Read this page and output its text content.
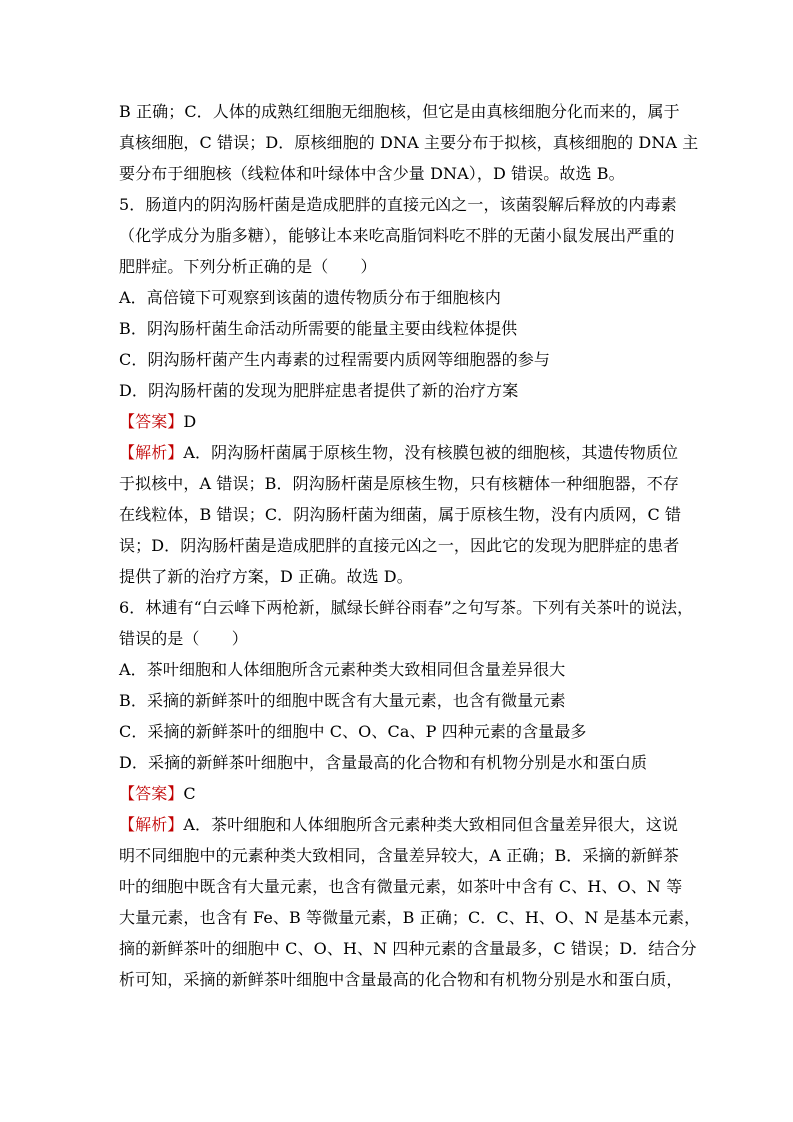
B 正确；C．人体的成熟红细胞无细胞核，但它是由真核细胞分化而来的，属于
真核细胞，C 错误；D．原核细胞的 DNA 主要分布于拟核，真核细胞的 DNA 主
要分布于细胞核（线粒体和叶绿体中含少量 DNA），D 错误。故选 B。
5．肠道内的阴沟肠杆菌是造成肥胖的直接元凶之一，该菌裂解后释放的内毒素
（化学成分为脂多糖），能够让本来吃高脂饲料吃不胖的无菌小鼠发展出严重的
肥胖症。下列分析正确的是（　　）
A．高倍镜下可观察到该菌的遗传物质分布于细胞核内
B．阴沟肠杆菌生命活动所需要的能量主要由线粒体提供
C．阴沟肠杆菌产生内毒素的过程需要内质网等细胞器的参与
D．阴沟肠杆菌的发现为肥胖症患者提供了新的治疗方案
【答案】D
【解析】A．阴沟肠杆菌属于原核生物，没有核膜包被的细胞核，其遗传物质位
于拟核中，A 错误；B．阴沟肠杆菌是原核生物，只有核糖体一种细胞器，不存
在线粒体，B 错误；C．阴沟肠杆菌为细菌，属于原核生物，没有内质网，C 错
误；D．阴沟肠杆菌是造成肥胖的直接元凶之一，因此它的发现为肥胖症的患者
提供了新的治疗方案，D 正确。故选 D。
6．林逋有“白云峰下两枪新，腻绿长鲜谷雨春”之句写茶。下列有关茶叶的说法，
错误的是（　　）
A．茶叶细胞和人体细胞所含元素种类大致相同但含量差异很大
B．采摘的新鲜茶叶的细胞中既含有大量元素，也含有微量元素
C．采摘的新鲜茶叶的细胞中 C、O、Ca、P 四种元素的含量最多
D．采摘的新鲜茶叶细胞中，含量最高的化合物和有机物分别是水和蛋白质
【答案】C
【解析】A．茶叶细胞和人体细胞所含元素种类大致相同但含量差异很大，这说
明不同细胞中的元素种类大致相同，含量差异较大，A 正确；B．采摘的新鲜茶
叶的细胞中既含有大量元素，也含有微量元素，如茶叶中含有 C、H、O、N 等
大量元素，也含有 Fe、B 等微量元素，B 正确；C．C、H、O、N 是基本元素，
摘的新鲜茶叶的细胞中 C、O、H、N 四种元素的含量最多，C 错误；D．结合分
析可知，采摘的新鲜茶叶细胞中含量最高的化合物和有机物分别是水和蛋白质，
